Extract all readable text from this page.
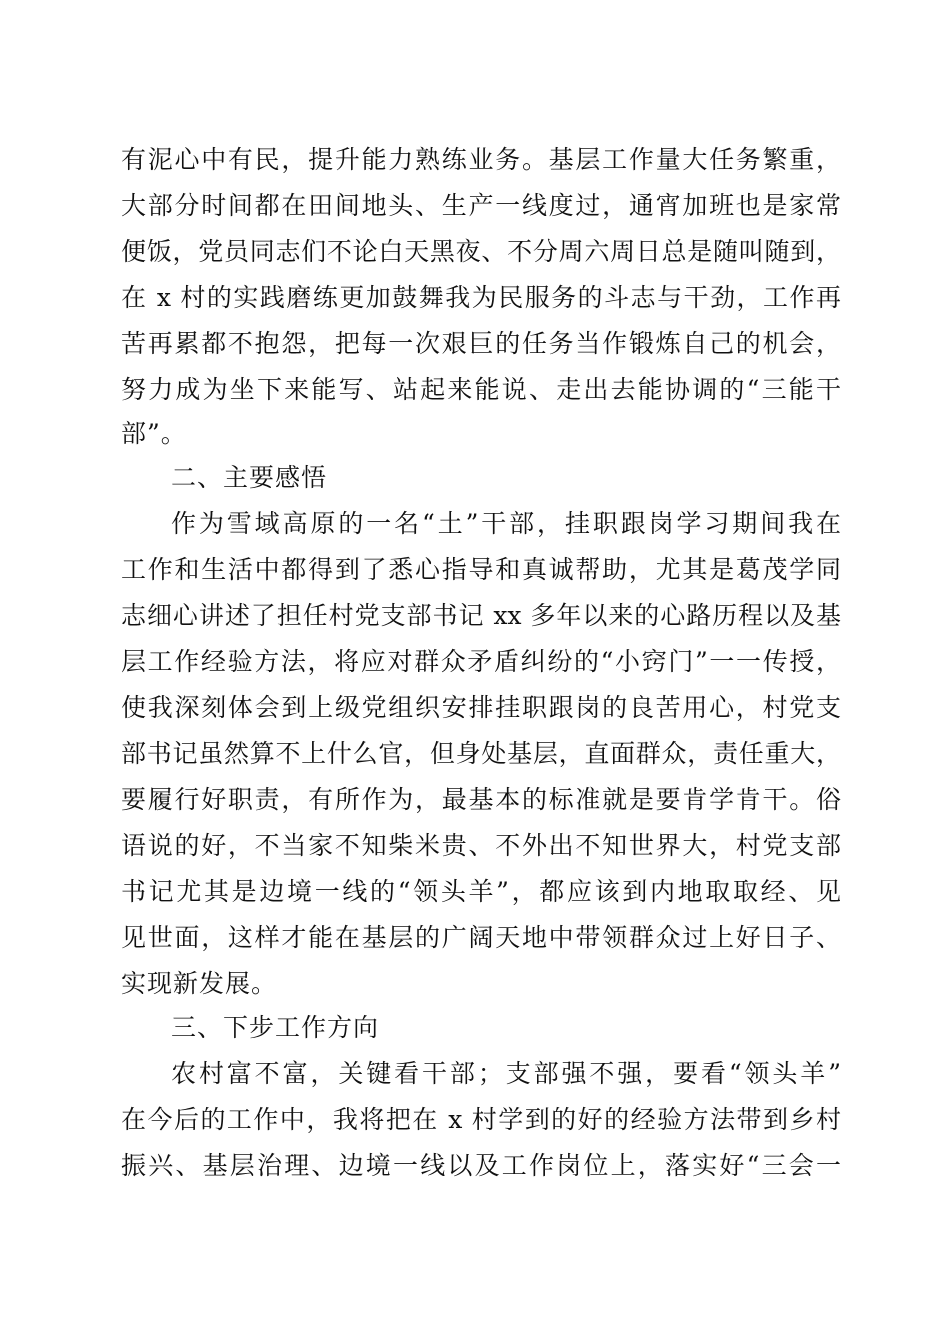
有泥心中有民，提升能力熟练业务。基层工作量大任务繁重，
大部分时间都在田间地头、生产一线度过，通宵加班也是家常
便饭，党员同志们不论白天黑夜、不分周六周日总是随叫随到，
在 x 村的实践磨练更加鼓舞我为民服务的斗志与干劲，工作再
苦再累都不抱怨，把每一次艰巨的任务当作锻炼自己的机会，
努力成为坐下来能写、站起来能说、走出去能协调的“三能干
部”。
二、主要感悟
作为雪域高原的一名“土”干部，挂职跟岗学习期间我在
工作和生活中都得到了悉心指导和真诚帮助，尤其是葛茂学同
志细心讲述了担任村党支部书记 xx 多年以来的心路历程以及基
层工作经验方法，将应对群众矛盾纠纷的“小窍门”一一传授，
使我深刻体会到上级党组织安排挂职跟岗的良苦用心，村党支
部书记虽然算不上什么官，但身处基层，直面群众，责任重大，
要履行好职责，有所作为，最基本的标准就是要肯学肯干。俗
语说的好，不当家不知柴米贵、不外出不知世界大，村党支部
书记尤其是边境一线的“领头羊”，都应该到内地取取经、见
见世面，这样才能在基层的广阔天地中带领群众过上好日子、
实现新发展。
三、下步工作方向
农村富不富，关键看干部；支部强不强，要看“领头羊”
在今后的工作中，我将把在 x 村学到的好的经验方法带到乡村
振兴、基层治理、边境一线以及工作岗位上，落实好“三会一
